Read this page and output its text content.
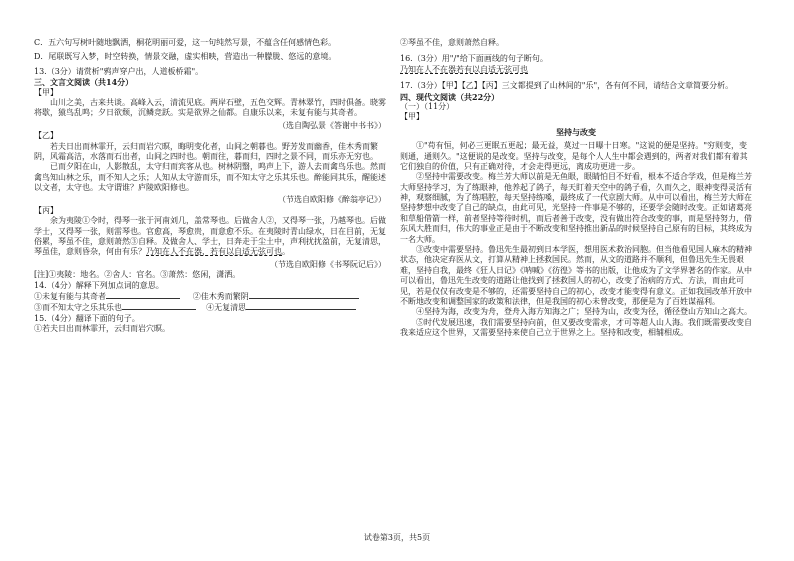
C．五六句写树叶随地飘洒，桐花明丽可爱，这一句纯然写景，不蕴含任何感情色彩。

D．尾联既写入梦，时空转换，情景交融，虚实相映，营造出一种朦胧、悠远的意境。

13.（3分）请赏析"鸦声穿户出，人道板桥霜"。

三、文言文阅读（共14分）

【甲】

山川之美，古来共谈。高峰入云，清流见底。两岸石壁，五色交辉。青林翠竹，四时俱备。晓雾将歇，猿鸟乱鸣；夕日欲颓，沉鳞竞跃。实是欲界之仙都。自康乐以来，未复有能与其奇者。

（选自陶弘景《答谢中书书》）

【乙】

若夫日出而林霏开，云归而岩穴暝，晦明变化者，山间之朝暮也。野芳发而幽香，佳木秀而繁阴，风霜高洁，水落而石出者，山间之四时也。朝而往，暮而归，四时之景不同，而乐亦无穷也。

已而夕阳在山，人影散乱，太守归而宾客从也。树林阴翳，鸣声上下，游人去而禽鸟乐也。然而禽鸟知山林之乐，而不知人之乐；人知从太守游而乐，而不知太守之乐其乐也。醉能同其乐，醒能述以文者，太守也。太守谓谁？庐陵欧阳修也。

（节选自欧阳修《醉翁亭记》）

【丙】

余为夷陵①令时，得琴一张于河南刘几，盖常琴也。后做舍人②，又得琴一张，乃越琴也。后做学士，又得琴一张，则雷琴也。官愈高，琴愈贵，而意愈不乐。在夷陵时青山绿水，日在目前，无复俗累，琴虽不佳，意则萧然③自释。及做舍人、学士，日奔走于尘土中，声利扰扰盈前，无复清思，琴虽佳，意则昏杂，何由有乐？乃知在人不在器，若有以自适无弦可也。

（节选自欧阳修《书琴阮记后》）

[注]①夷陵：地名。②舍人：官名。③萧然：悠闲，潇洒。

14.（4分）解释下列加点词的意思。

①未复有能与其奇者	②佳木秀而繁阴

③而不知太守之乐其乐也	④无复清思

15.（4分）翻译下面的句子。

①若夫日出而林霏开，云归而岩穴暝。

②琴虽不佳，意则萧然自释。

16.（3分）用"/"给下面画线的句子断句。

乃知在人不在器若有以自适无弦可也

17.（3分）【甲】【乙】【丙】三文都提到了山林间的"乐"，各有何不同，请结合文章简要分析。

四、现代文阅读（共22分）

（一）（11分）

【甲】

坚持与改变

①"苟有恒，何必三更眠五更起；最无益，莫过一日曝十日寒。"这说的便是坚持。"穷则变，变则通，通则久。"这便说的是改变。坚持与改变，是每个人人生中都会遇到的，两者对我们都有着其它们独自的价值，只有正确对待，才会走得更远，离成功更进一步。

②坚持中需要改变。梅兰芳大师以前是无鱼眼，眼睛怕目不好看，根本不适合学戏，但是梅兰芳大师坚持学习，为了练眼神，他养起了鸽子，每天盯着天空中的鸽子看，久而久之，眼神变得灵活有神，观察细腻，为了练唱腔，每天坚持练嗓，最终成了一代京剧大师。从中可以看出，梅兰芳大师在坚持梦想中改变了自己的缺点，由此可见，光坚持一件事是不够的，还要学会随时改变。正如诸葛亮和草船借箭一样，前者坚持等待时机，而后者善于改变，没有做出符合改变的事，而是坚持努力，借东风大胜而归，伟大的事业正是由于不断改变和坚持推出新品的时候坚持自己原有的目标，其终成为一名大师。

③改变中需要坚持。鲁迅先生最初到日本学医，想用医术救治同胞。但当他看见国人麻木的精神状态，他决定弃医从文，打算从精神上拯救国民。然而，从文的道路并不顺利，但鲁迅先生无畏艰难，坚持自我，最终《狂人日记》《呐喊》《彷徨》等书的出版，让他成为了文学界著名的作家。从中可以看出，鲁迅先生改变的道路让他找到了拯救国人的初心，改变了治病的方式、方法，而由此可见，若是仅仅有改变是不够的，还需要坚持自己的初心，改变才能变得有意义。正如我国改革开放中不断地改变和调整国家的政策和法律，但是我国的初心未曾改变，那便是为了百姓谋福利。

④坚持为海，改变为舟，登舟入海方知海之广；坚持为山，改变为径，循径登山方知山之高大。

⑤时代发展迅速，我们需要坚持向前，但又要改变需求，才可等超人山人海。我们既需要改变自我来适应这个世界，又需要坚持来使自己立于世界之上。坚持和改变，相辅相成。

试卷第3页，共5页
